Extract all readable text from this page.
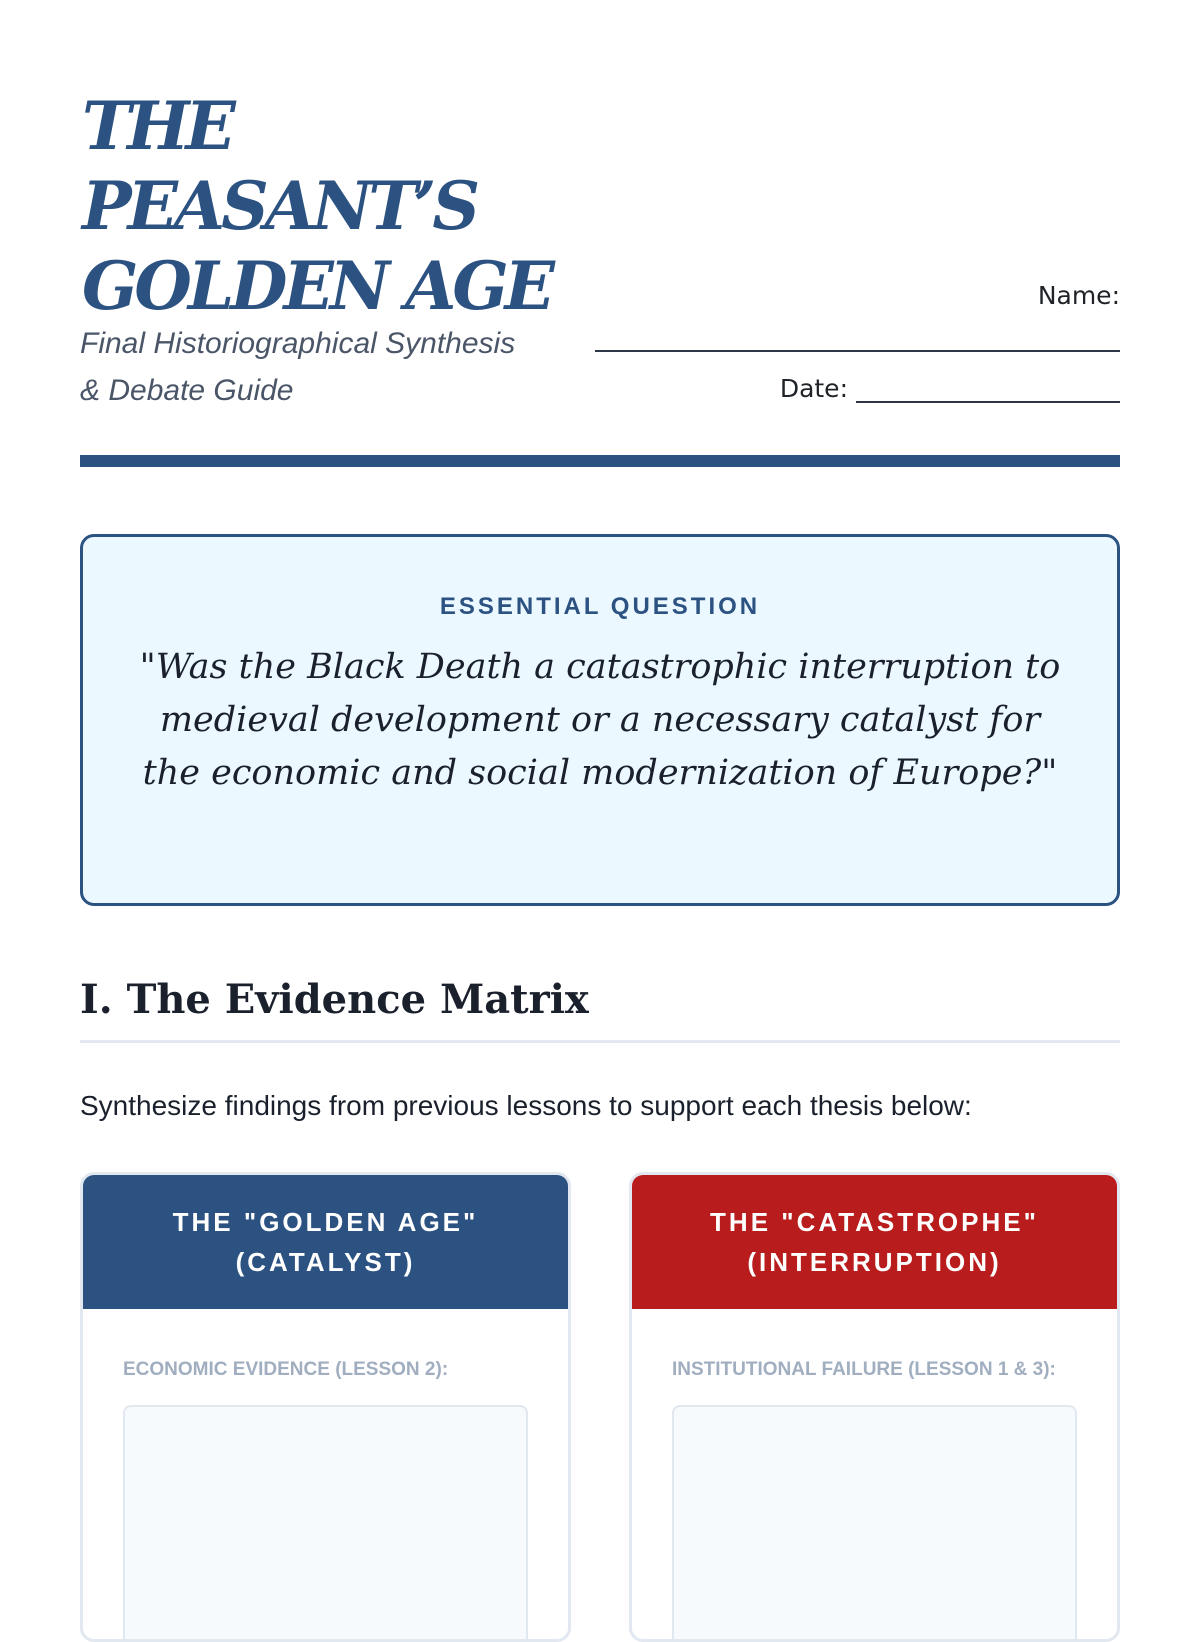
THE
PEASANT’S
GOLDEN AGE
Final Historiographical Synthesis
& Debate Guide
Name:
Date:
ESSENTIAL QUESTION
"Was the Black Death a catastrophic interruption to medieval development or a necessary catalyst for the economic and social modernization of Europe?"
I. The Evidence Matrix
Synthesize findings from previous lessons to support each thesis below:
THE "GOLDEN AGE"
(CATALYST)
ECONOMIC EVIDENCE (LESSON 2):
THE "CATASTROPHE"
(INTERRUPTION)
INSTITUTIONAL FAILURE (LESSON 1 & 3):
